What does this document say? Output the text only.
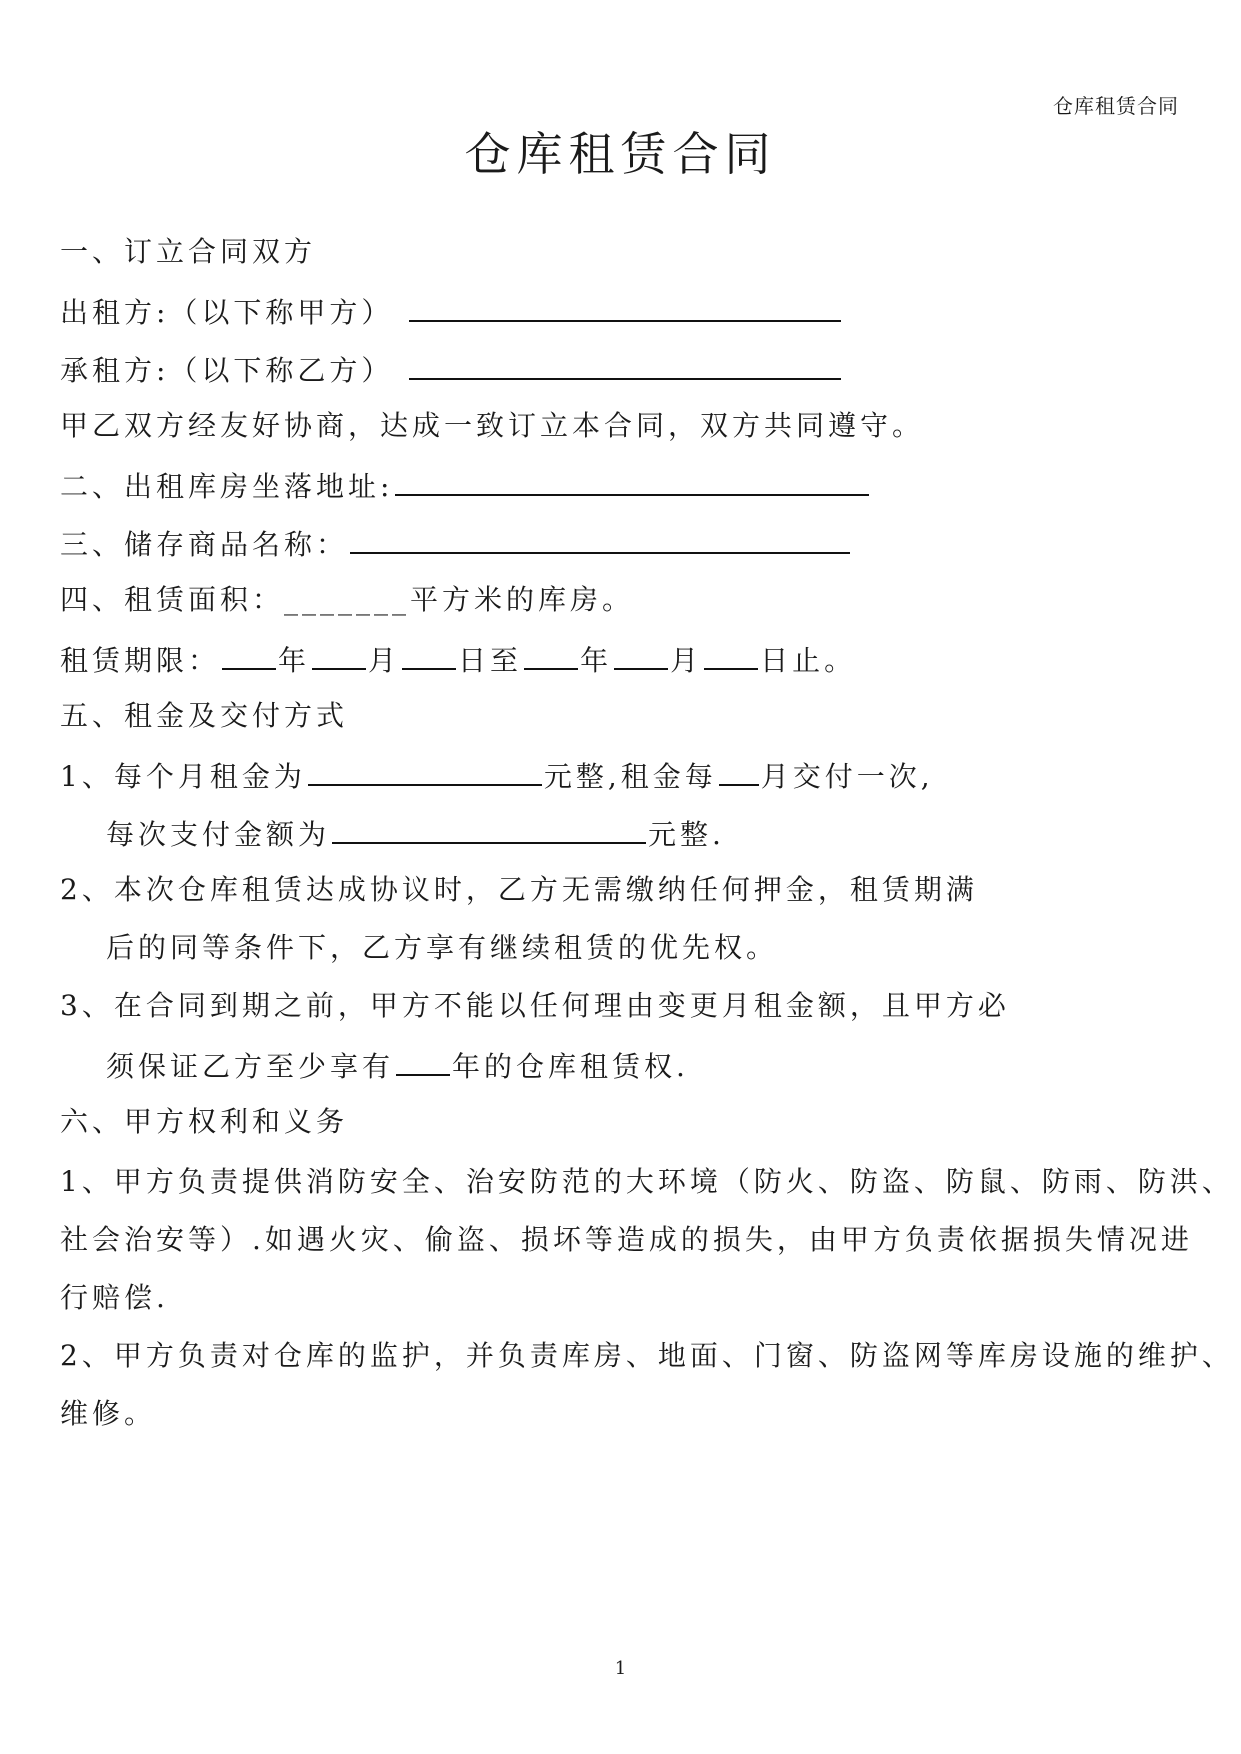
仓库租赁合同
仓库租赁合同
一、订立合同双方
出租方:（以下称甲方）
承租方:（以下称乙方）
甲乙双方经友好协商，达成一致订立本合同，双方共同遵守。
二、出租库房坐落地址:
三、储存商品名称：
四、租赁面积：_______平方米的库房。
租赁期限： 年 月 日至 年 月 日止。
五、租金及交付方式
1、每个月租金为	元整,租金每 月交付一次,
每次支付金额为	元整.
2、本次仓库租赁达成协议时，乙方无需缴纳任何押金，租赁期满
后的同等条件下，乙方享有继续租赁的优先权。
3、在合同到期之前，甲方不能以任何理由变更月租金额，且甲方必
须保证乙方至少享有 年的仓库租赁权.
六、甲方权利和义务
1、甲方负责提供消防安全、治安防范的大环境（防火、防盗、防鼠、防雨、防洪、
社会治安等）.如遇火灾、偷盗、损坏等造成的损失，由甲方负责依据损失情况进
行赔偿.
2、甲方负责对仓库的监护，并负责库房、地面、门窗、防盗网等库房设施的维护、
维修。
1
